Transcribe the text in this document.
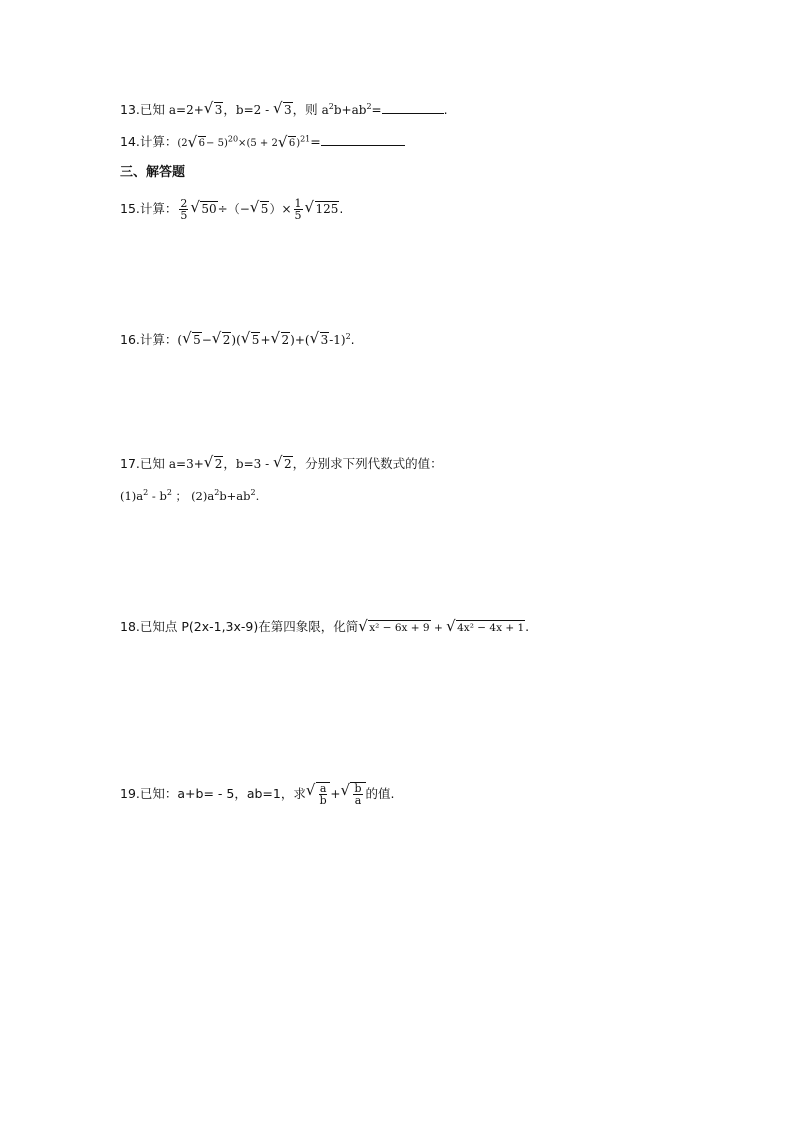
13.已知 a=2+ √ 3，b=2 - √ 3，则 $a^2b+ab^2=$	.
14.计算：(2 √ 6− 5)$^{20}$×(5 + 2 √ 6)$^{21}$=
三、解答题
15.计算： $\frac{2}{5}$ √ 50÷（− √ $5)\times \frac{1}{5}$ √ 125.
16.计算：( √ 5− √ 2)( √ 5+ √ 2)+( √ 3-1)$^2$.
17.已知 a=3+ √ 2，b=3 - √ 2，分别求下列代数式的值：
$(1)a^2 - b^2$ ； $(2)a^2b+ab^2$.
18.已知点 P(2x-1,3x-9)在第四象限，化简 √ x² − 6x + 9 + √ 4x² − 4x + 1.
19.已知：a+b= - 5，ab=1，求 √ $\frac{a}{b}$ + √ $\frac{b}{a}$ 的值.
